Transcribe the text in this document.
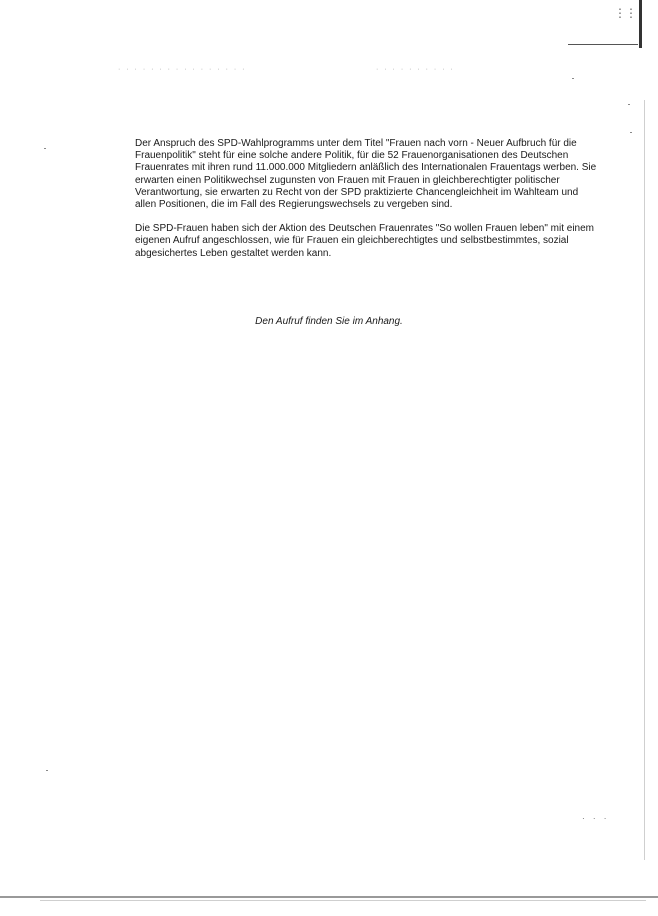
⋮⋮
· · · · · · · · · · · · · · · ·	· · · · · · · · · ·

Der Anspruch des SPD-Wahlprogramms unter dem Titel "Frauen nach vorn - Neuer Aufbruch für die Frauenpolitik" steht für eine solche andere Politik, für die 52 Frauenorganisationen des Deutschen Frauenrates mit ihren rund 11.000.000 Mitgliedern anläßlich des Internationalen Frauentags werben. Sie erwarten einen Politikwechsel zugunsten von Frauen mit Frauen in gleichberechtigter politischer Verantwortung, sie erwarten zu Recht von der SPD praktizierte Chancengleichheit im Wahlteam und allen Positionen, die im Fall des Regierungswechsels zu vergeben sind.

Die SPD-Frauen haben sich der Aktion des Deutschen Frauenrates "So wollen Frauen leben" mit einem eigenen Aufruf angeschlossen, wie für Frauen ein gleichberechtigtes und selbstbestimmtes, sozial abgesichertes Leben gestaltet werden kann.

Den Aufruf finden Sie im Anhang.
· · ·
